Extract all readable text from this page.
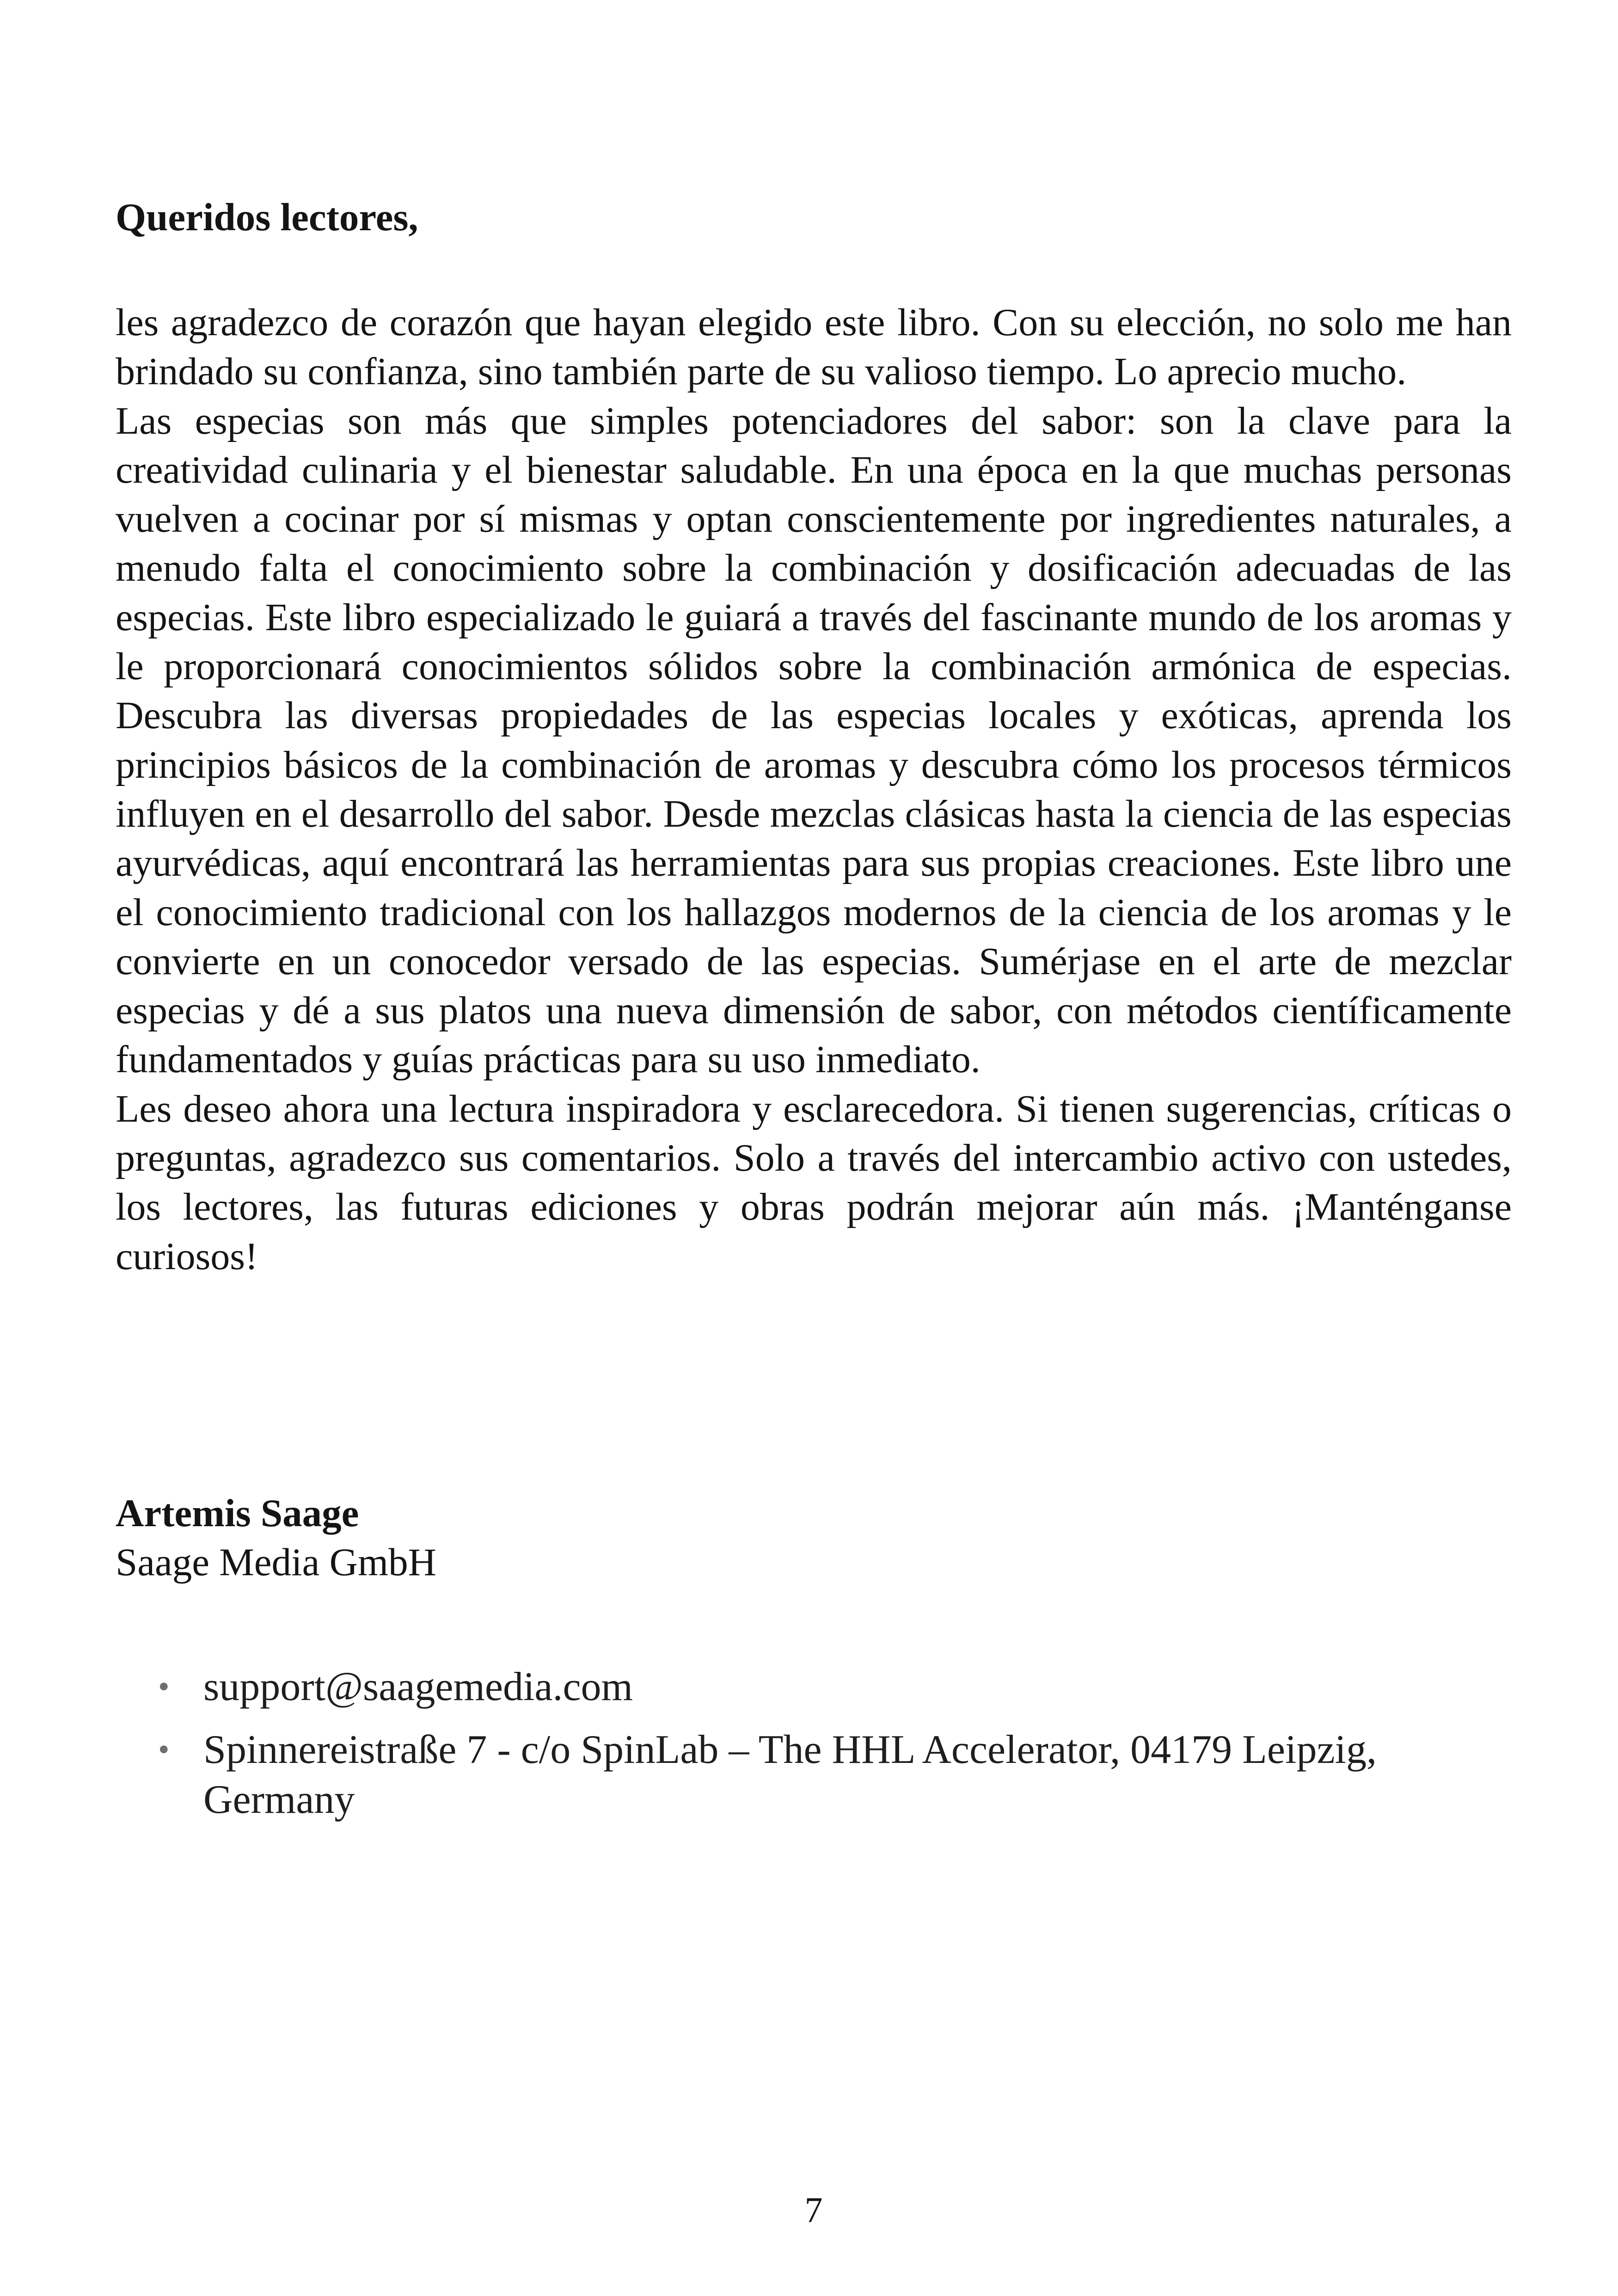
Queridos lectores,

les agradezco de corazón que hayan elegido este libro. Con su elección, no solo me han brindado su confianza, sino también parte de su valioso tiempo. Lo aprecio mucho.

Las especias son más que simples potenciadores del sabor: son la clave para la creatividad culinaria y el bienestar saludable. En una época en la que muchas personas vuelven a cocinar por sí mismas y optan conscientemente por ingredientes naturales, a menudo falta el conocimiento sobre la combinación y dosificación adecuadas de las especias. Este libro especializado le guiará a través del fascinante mundo de los aromas y le proporcionará conocimientos sólidos sobre la combinación armónica de especias. Descubra las diversas propiedades de las especias locales y exóticas, aprenda los principios básicos de la combinación de aromas y descubra cómo los procesos térmicos influyen en el desarrollo del sabor. Desde mezclas clásicas hasta la ciencia de las especias ayurvédicas, aquí encontrará las herramientas para sus propias creaciones. Este libro une el conocimiento tradicional con los hallazgos modernos de la ciencia de los aromas y le convierte en un conocedor versado de las especias. Sumérjase en el arte de mezclar especias y dé a sus platos una nueva dimensión de sabor, con métodos científicamente fundamentados y guías prácticas para su uso inmediato.

Les deseo ahora una lectura inspiradora y esclarecedora. Si tienen sugerencias, críticas o preguntas, agradezco sus comentarios. Solo a través del intercambio activo con ustedes, los lectores, las futuras ediciones y obras podrán mejorar aún más. ¡Manténganse curiosos!

Artemis Saage
Saage Media GmbH
• support@saagemedia.com
• Spinnereistraße 7 - c/o SpinLab – The HHL Accelerator, 04179 Leipzig, Germany
7
